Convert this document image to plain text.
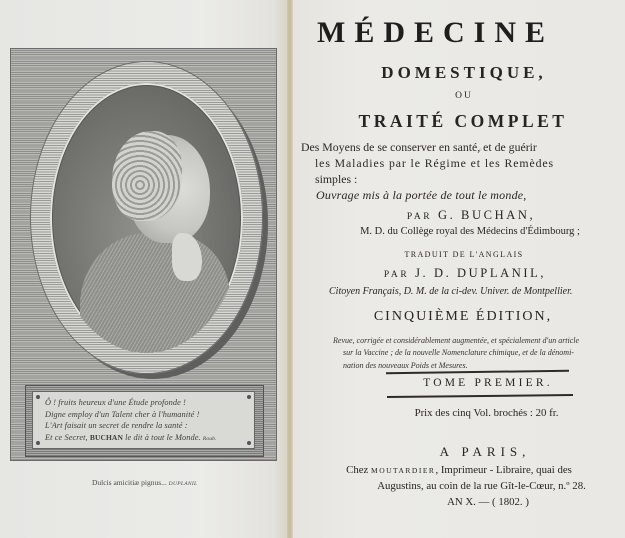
Ô ! fruits heureux d'une Étude profonde !
Digne employ d'un Talent cher à l'humanité !
L'Art faisait un secret de rendre la santé :
Et ce Secret, BUCHAN le dit à tout le Monde. Roub.
Dulcis amicitiæ pignus... DUPLANIL
MÉDECINE
DOMESTIQUE,
OU
TRAITÉ COMPLET
Des Moyens de se conserver en santé, et de guérir
les Maladies par le Régime et les Remèdes
simples :
Ouvrage mis à la portée de tout le monde,
PAR G. BUCHAN,
M. D. du Collège royal des Médecins d'Édimbourg ;
TRADUIT DE L'ANGLAIS
PAR J. D. DUPLANIL,
Citoyen Français, D. M. de la ci-dev. Univer. de Montpellier.
CINQUIÈME ÉDITION,
Revue, corrigée et considérablement augmentée, et spécialement d'un article
sur la Vaccine ; de la nouvelle Nomenclature chimique, et de la dénomi-
nation des nouveaux Poids et Mesures.
TOME PREMIER.
Prix des cinq Vol. brochés : 20 fr.
A PARIS,
Chez MOUTARDIER, Imprimeur - Libraire, quai des
Augustins, au coin de la rue Gît-le-Cœur, n.º 28.
AN X. — ( 1802. )
